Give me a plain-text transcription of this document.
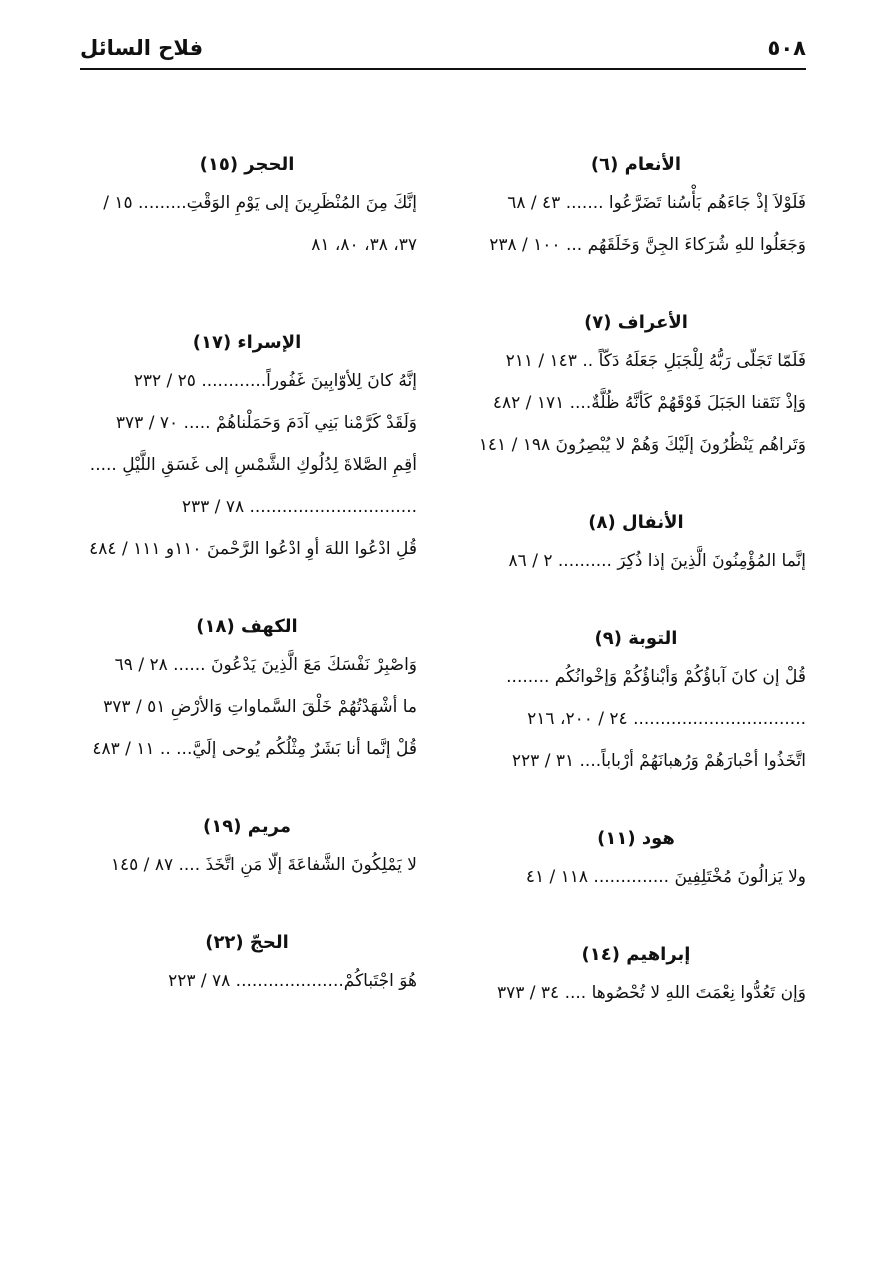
٥٠٨
فلاح السائل
الأنعام (٦)
فَلَوْلاَ إذْ جَاءَهُم بَأْسُنا تَضَرَّعُوا ....... ٤٣ / ٦٨
وَجَعَلُوا للهِ شُرَكاءَ الجِنَّ وَخَلَقَهُم ... ١٠٠ / ٢٣٨
الأعراف (٧)
فَلَمّا تَجَلّى رَبُّهُ لِلْجَبَلِ جَعَلَهُ دَكّاً .. ١٤٣ / ٢١١
وَإذْ نَتَقنا الجَبَلَ فَوْقَهُمْ كَأنَّهُ ظُلَّةٌ.... ١٧١ / ٤٨٢
وَتَراهُم يَنْظُرُونَ إلَيْكَ وَهُمْ لا يُبْصِرُونَ ١٩٨ / ١٤١
الأنفال (٨)
إنَّما المُؤْمِنُونَ الَّذِينَ إذا ذُكِرَ .......... ٢ / ٨٦
التوبة (٩)
قُلْ إن كانَ آباؤُكُمْ وَأبْناؤُكُمْ وَإخْوانُكُم ........
................................ ٢٤ / ٢٠٠، ٢١٦
اتَّخَذُوا أحْبارَهُمْ وَرُهبانَهُمْ أرْباباً.... ٣١ / ٢٢٣
هود (١١)
ولا يَزالُونَ مُخْتَلِفِينَ .............. ١١٨ / ٤١
إبراهيم (١٤)
وَإن تَعُدُّوا نِعْمَتَ اللهِ لا تُحْصُوها .... ٣٤ / ٣٧٣
الحجر (١٥)
إنَّكَ مِنَ المُنْظَرِينَ إلى يَوْمِ الوَقْتِ......... ١٥ /
٣٧، ٣٨، ٨٠، ٨١
الإسراء (١٧)
إنَّهُ كانَ لِلأوّابِينَ غَفُوراً............ ٢٥ / ٢٣٢
وَلَقَدْ كَرَّمْنا بَنِي آدَمَ وَحَمَلْناهُمْ ..... ٧٠ / ٣٧٣
أقِمِ الصَّلاةَ لِدُلُوكِ الشَّمْسِ إلى غَسَقِ اللَّيْلِ .....
............................... ٧٨ / ٢٣٣
قُلِ ادْعُوا اللهَ أوِ ادْعُوا الرَّحْمنَ ١١٠و ١١١ / ٤٨٤
الكهف (١٨)
وَاصْبِرْ نَفْسَكَ مَعَ الَّذِينَ يَدْعُونَ ...... ٢٨ / ٦٩
ما أشْهَدْتُهُمْ خَلْقَ السَّماواتِ وَالأرْضِ ٥١ / ٣٧٣
قُلْ إنَّما أنا بَشَرٌ مِثْلُكُم يُوحى إلَيَّ... .. ١١ / ٤٨٣
مريم (١٩)
لا يَمْلِكُونَ الشَّفاعَةَ إلّا مَنِ اتَّخَذَ .... ٨٧ / ١٤٥
الحجّ (٢٢)
هُوَ اجْتَباكُمْ.................... ٧٨ / ٢٢٣
